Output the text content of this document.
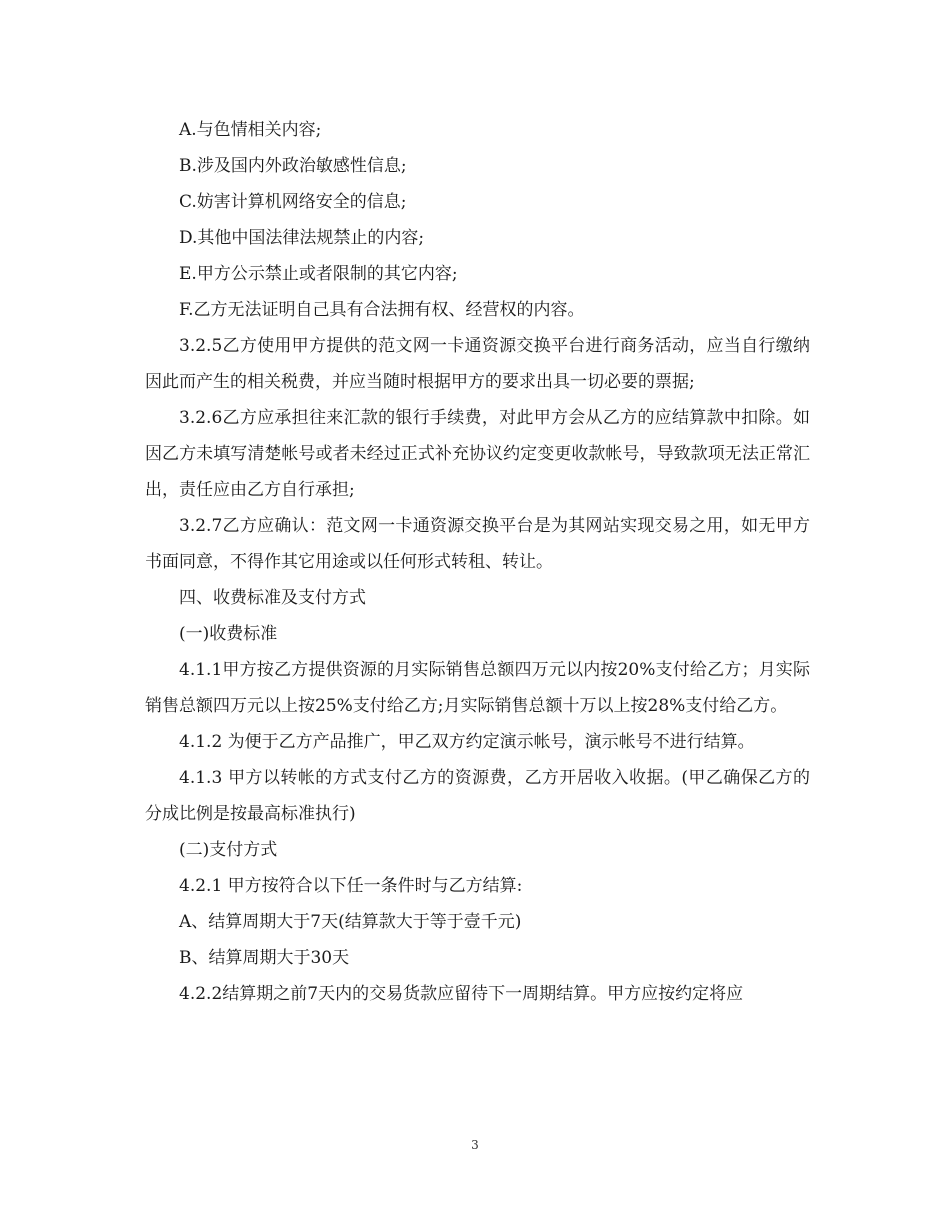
A.与色情相关内容;

B.涉及国内外政治敏感性信息;

C.妨害计算机网络安全的信息;

D.其他中国法律法规禁止的内容;

E.甲方公示禁止或者限制的其它内容;

F.乙方无法证明自己具有合法拥有权、经营权的内容。

3.2.5乙方使用甲方提供的范文网一卡通资源交换平台进行商务活动，应当自行缴纳因此而产生的相关税费，并应当随时根据甲方的要求出具一切必要的票据;

3.2.6乙方应承担往来汇款的银行手续费，对此甲方会从乙方的应结算款中扣除。如因乙方未填写清楚帐号或者未经过正式补充协议约定变更收款帐号，导致款项无法正常汇出，责任应由乙方自行承担;

3.2.7乙方应确认：范文网一卡通资源交换平台是为其网站实现交易之用，如无甲方书面同意，不得作其它用途或以任何形式转租、转让。

四、收费标准及支付方式

(一)收费标准

4.1.1甲方按乙方提供资源的月实际销售总额四万元以内按20%支付给乙方；月实际销售总额四万元以上按25%支付给乙方;月实际销售总额十万以上按28%支付给乙方。

4.1.2 为便于乙方产品推广，甲乙双方约定演示帐号，演示帐号不进行结算。

4.1.3 甲方以转帐的方式支付乙方的资源费，乙方开居收入收据。(甲乙确保乙方的分成比例是按最高标准执行)

(二)支付方式

4.2.1 甲方按符合以下任一条件时与乙方结算:

A、结算周期大于7天(结算款大于等于壹千元)

B、结算周期大于30天

4.2.2结算期之前7天内的交易货款应留待下一周期结算。甲方应按约定将应

3
